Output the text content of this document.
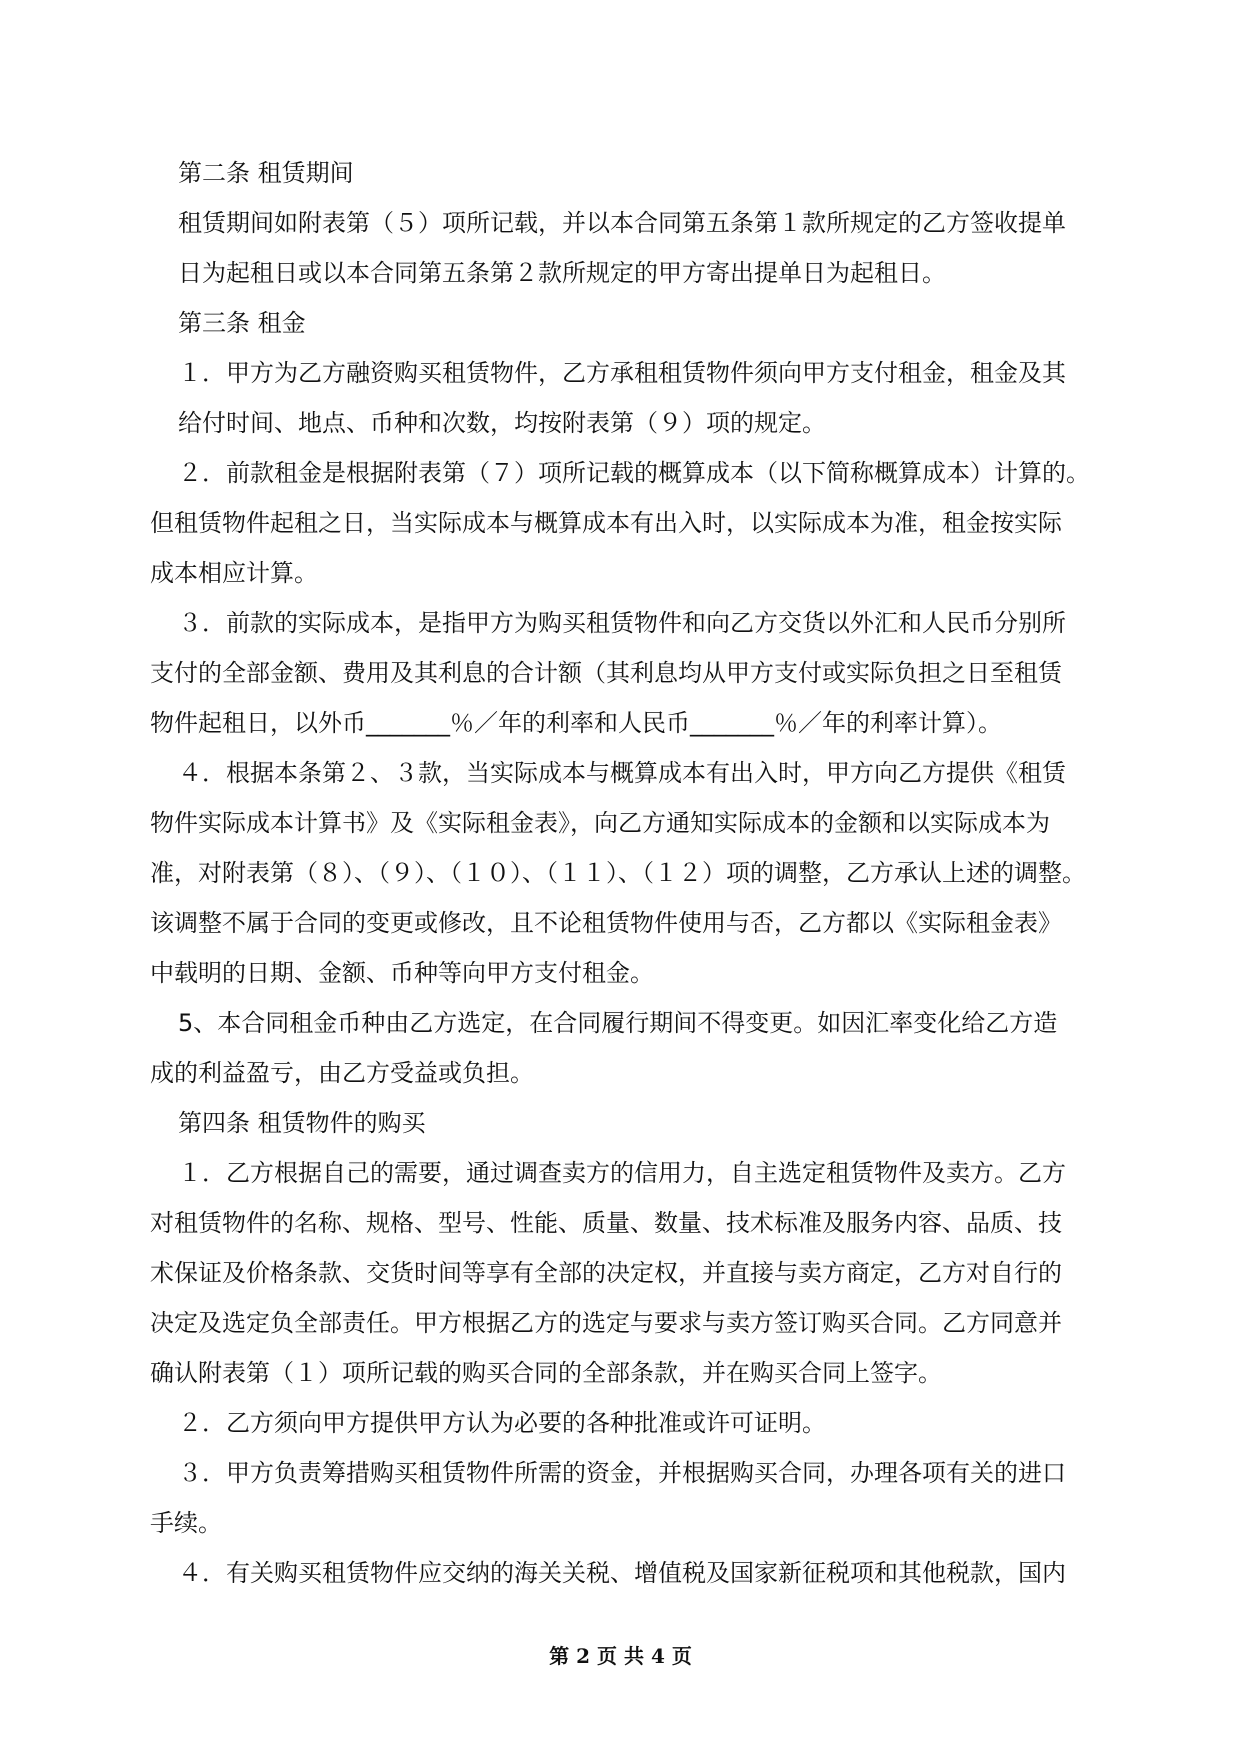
第二条 租赁期间
租赁期间如附表第（５）项所记载，并以本合同第五条第１款所规定的乙方签收提单
日为起租日或以本合同第五条第２款所规定的甲方寄出提单日为起租日。
第三条 租金
１．甲方为乙方融资购买租赁物件，乙方承租租赁物件须向甲方支付租金，租金及其
给付时间、地点、币种和次数，均按附表第（９）项的规定。
２．前款租金是根据附表第（７）项所记载的概算成本（以下简称概算成本）计算的。
但租赁物件起租之日，当实际成本与概算成本有出入时，以实际成本为准，租金按实际
成本相应计算。
３．前款的实际成本，是指甲方为购买租赁物件和向乙方交货以外汇和人民币分别所
支付的全部金额、费用及其利息的合计额（其利息均从甲方支付或实际负担之日至租赁
物件起租日，以外币_______％／年的利率和人民币_______％／年的利率计算）。
４．根据本条第２、３款，当实际成本与概算成本有出入时，甲方向乙方提供《租赁
物件实际成本计算书》及《实际租金表》，向乙方通知实际成本的金额和以实际成本为
准，对附表第（８）、（９）、（１０）、（１１）、（１２）项的调整，乙方承认上述的调整。
该调整不属于合同的变更或修改，且不论租赁物件使用与否，乙方都以《实际租金表》
中载明的日期、金额、币种等向甲方支付租金。
5、本合同租金币种由乙方选定，在合同履行期间不得变更。如因汇率变化给乙方造
成的利益盈亏，由乙方受益或负担。
第四条 租赁物件的购买
１．乙方根据自己的需要，通过调查卖方的信用力，自主选定租赁物件及卖方。乙方
对租赁物件的名称、规格、型号、性能、质量、数量、技术标准及服务内容、品质、技
术保证及价格条款、交货时间等享有全部的决定权，并直接与卖方商定，乙方对自行的
决定及选定负全部责任。甲方根据乙方的选定与要求与卖方签订购买合同。乙方同意并
确认附表第（１）项所记载的购买合同的全部条款，并在购买合同上签字。
２．乙方须向甲方提供甲方认为必要的各种批准或许可证明。
３．甲方负责筹措购买租赁物件所需的资金，并根据购买合同，办理各项有关的进口
手续。
４．有关购买租赁物件应交纳的海关关税、增值税及国家新征税项和其他税款，国内
第 2 页 共 4 页
